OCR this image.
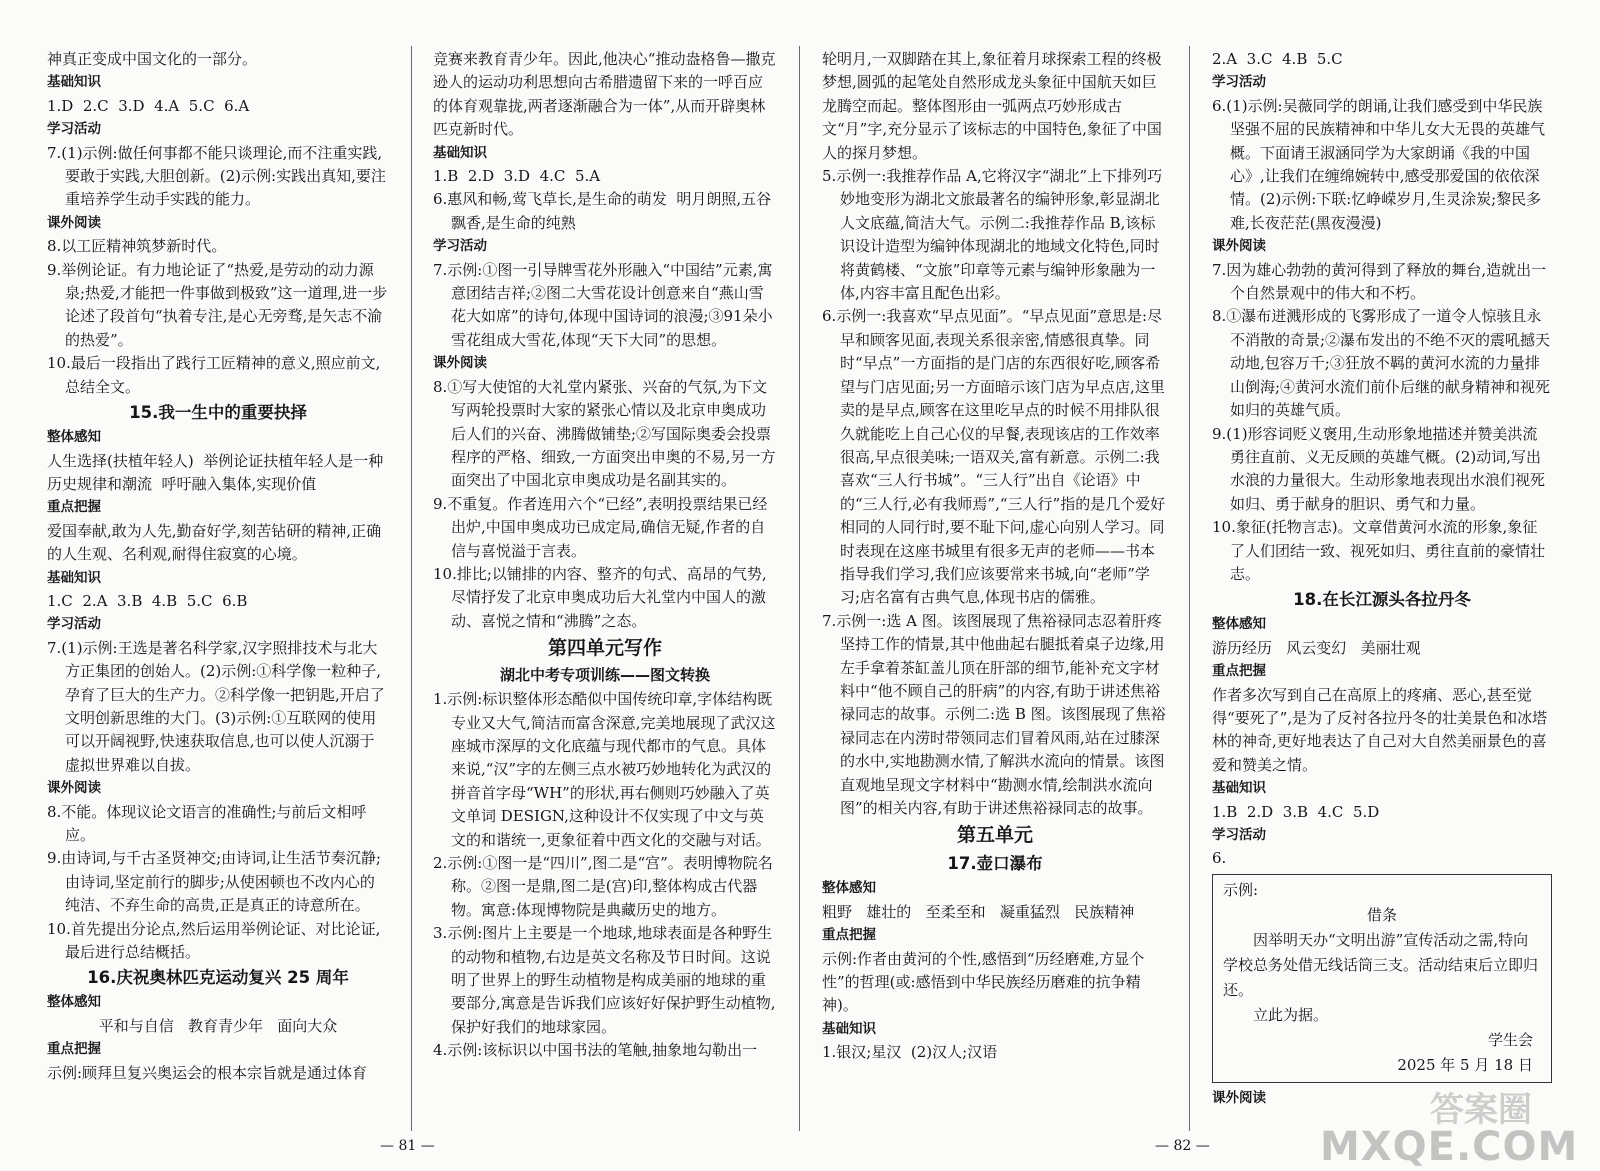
神真正变成中国文化的一部分。
基础知识
1.D  2.C  3.D  4.A  5.C  6.A
学习活动
7.(1)示例:做任何事都不能只谈理论,而不注重实践,要敢于实践,大胆创新。(2)示例:实践出真知,要注重培养学生动手实践的能力。
课外阅读
8.以工匠精神筑梦新时代。
9.举例论证。有力地论证了“热爱,是劳动的动力源泉;热爱,才能把一件事做到极致”这一道理,进一步论述了段首句“执着专注,是心无旁骛,是矢志不渝的热爱”。
10.最后一段指出了践行工匠精神的意义,照应前文,总结全文。
15.我一生中的重要抉择
整体感知
人生选择(扶植年轻人)  举例论证扶植年轻人是一种历史规律和潮流  呼吁融入集体,实现价值
重点把握
爱国奉献,敢为人先,勤奋好学,刻苦钻研的精神,正确的人生观、名利观,耐得住寂寞的心境。
基础知识
1.C  2.A  3.B  4.B  5.C  6.B
学习活动
7.(1)示例:王选是著名科学家,汉字照排技术与北大方正集团的创始人。(2)示例:①科学像一粒种子,孕育了巨大的生产力。②科学像一把钥匙,开启了文明创新思维的大门。(3)示例:①互联网的使用可以开阔视野,快速获取信息,也可以使人沉溺于虚拟世界难以自拔。
课外阅读
8.不能。体现议论文语言的准确性;与前后文相呼应。
9.由诗词,与千古圣贤神交;由诗词,让生活节奏沉静;由诗词,坚定前行的脚步;从使困顿也不改内心的纯洁、不弃生命的高贵,正是真正的诗意所在。
10.首先提出分论点,然后运用举例论证、对比论证,最后进行总结概括。
16.庆祝奥林匹克运动复兴 25 周年
整体感知
平和与自信   教育青少年   面向大众
重点把握
示例:顾拜旦复兴奥运会的根本宗旨就是通过体育
竞赛来教育青少年。因此,他决心“推动盎格鲁—撒克逊人的运动功利思想向古希腊遗留下来的一呼百应的体育观靠拢,两者逐渐融合为一体”,从而开辟奥林匹克新时代。
基础知识
1.B  2.D  3.D  4.C  5.A
6.惠风和畅,莺飞草长,是生命的萌发  明月朗照,五谷飘香,是生命的纯熟
学习活动
7.示例:①图一引导牌雪花外形融入“中国结”元素,寓意团结吉祥;②图二大雪花设计创意来自“燕山雪花大如席”的诗句,体现中国诗词的浪漫;③91朵小雪花组成大雪花,体现“天下大同”的思想。
课外阅读
8.①写大使馆的大礼堂内紧张、兴奋的气氛,为下文写两轮投票时大家的紧张心情以及北京申奥成功后人们的兴奋、沸腾做铺垫;②写国际奥委会投票程序的严格、细致,一方面突出申奥的不易,另一方面突出了中国北京申奥成功是名副其实的。
9.不重复。作者连用六个“已经”,表明投票结果已经出炉,中国申奥成功已成定局,确信无疑,作者的自信与喜悦溢于言表。
10.排比;以铺排的内容、整齐的句式、高昂的气势,尽情抒发了北京申奥成功后大礼堂内中国人的激动、喜悦之情和“沸腾”之态。
第四单元写作
湖北中考专项训练——图文转换
1.示例:标识整体形态酷似中国传统印章,字体结构既专业又大气,简洁而富含深意,完美地展现了武汉这座城市深厚的文化底蕴与现代都市的气息。具体来说,“汉”字的左侧三点水被巧妙地转化为武汉的拼音首字母“WH”的形状,再右侧则巧妙融入了英文单词 DESIGN,这种设计不仅实现了中文与英文的和谐统一,更象征着中西文化的交融与对话。
2.示例:①图一是“四川”,图二是“宫”。表明博物院名称。②图一是鼎,图二是(宫)印,整体构成古代器物。寓意:体现博物院是典藏历史的地方。
3.示例:图片上主要是一个地球,地球表面是各种野生的动物和植物,右边是英文名称及节日时间。这说明了世界上的野生动植物是构成美丽的地球的重要部分,寓意是告诉我们应该好好保护野生动植物,保护好我们的地球家园。
4.示例:该标识以中国书法的笔触,抽象地勾勒出一
轮明月,一双脚踏在其上,象征着月球探索工程的终极梦想,圆弧的起笔处自然形成龙头象征中国航天如巨龙腾空而起。整体图形由一弧两点巧妙形成古文“月”字,充分显示了该标志的中国特色,象征了中国人的探月梦想。
5.示例一:我推荐作品 A,它将汉字“湖北”上下排列巧妙地变形为湖北文旅最著名的编钟形象,彰显湖北人文底蕴,简洁大气。示例二:我推荐作品 B,该标识设计造型为编钟体现湖北的地域文化特色,同时将黄鹤楼、“文旅”印章等元素与编钟形象融为一体,内容丰富且配色出彩。
6.示例一:我喜欢“早点见面”。“早点见面”意思是:尽早和顾客见面,表现关系很亲密,情感很真挚。同时“早点”一方面指的是门店的东西很好吃,顾客希望与门店见面;另一方面暗示该门店为早点店,这里卖的是早点,顾客在这里吃早点的时候不用排队很久就能吃上自己心仪的早餐,表现该店的工作效率很高,早点很美味;一语双关,富有新意。示例二:我喜欢“三人行书城”。“三人行”出自《论语》中的“三人行,必有我师焉”,“三人行”指的是几个爱好相同的人同行时,要不耻下问,虚心向别人学习。同时表现在这座书城里有很多无声的老师——书本指导我们学习,我们应该要常来书城,向“老师”学习;店名富有古典气息,体现书店的儒雅。
7.示例一:选 A 图。该图展现了焦裕禄同志忍着肝疼坚持工作的情景,其中他曲起右腿抵着桌子边缘,用左手拿着茶缸盖儿顶在肝部的细节,能补充文字材料中“他不顾自己的肝病”的内容,有助于讲述焦裕禄同志的故事。示例二:选 B 图。该图展现了焦裕禄同志在内涝时带领同志们冒着风雨,站在过膝深的水中,实地勘测水情,了解洪水流向的情景。该图直观地呈现文字材料中“勘测水情,绘制洪水流向图”的相关内容,有助于讲述焦裕禄同志的故事。
第五单元
17.壶口瀑布
整体感知
粗野   雄壮的   至柔至和   凝重猛烈   民族精神
重点把握
示例:作者由黄河的个性,感悟到“历经磨难,方显个性”的哲理(或:感悟到中华民族经历磨难的抗争精神)。
基础知识
1.银汉;星汉  (2)汉人;汉语
2.A  3.C  4.B  5.C
学习活动
6.(1)示例:吴薇同学的朗诵,让我们感受到中华民族坚强不屈的民族精神和中华儿女大无畏的英雄气概。下面请王淑涵同学为大家朗诵《我的中国心》,让我们在缠绵婉转中,感受那爱国的依依深情。(2)示例:下联:忆峥嵘岁月,生灵涂炭;黎民多难,长夜茫茫(黑夜漫漫)
课外阅读
7.因为雄心勃勃的黄河得到了释放的舞台,造就出一个自然景观中的伟大和不朽。
8.①瀑布迸溅形成的飞雾形成了一道令人惊骇且永不消散的奇景;②瀑布发出的不绝不灭的震吼撼天动地,包容万千;③狂放不羁的黄河水流的力量排山倒海;④黄河水流们前仆后继的献身精神和视死如归的英雄气质。
9.(1)形容词贬义褒用,生动形象地描述并赞美洪流勇往直前、义无反顾的英雄气概。(2)动词,写出水浪的力量很大。生动形象地表现出水浪们视死如归、勇于献身的胆识、勇气和力量。
10.象征(托物言志)。文章借黄河水流的形象,象征了人们团结一致、视死如归、勇往直前的豪情壮志。
18.在长江源头各拉丹冬
整体感知
游历经历   风云变幻   美丽壮观
重点把握
作者多次写到自己在高原上的疼痛、恶心,甚至觉得“要死了”,是为了反衬各拉丹冬的壮美景色和冰塔林的神奇,更好地表达了自己对大自然美丽景色的喜爱和赞美之情。
基础知识
1.B  2.D  3.B  4.C  5.D
学习活动
6.
示例:
借条
因举明天办“文明出游”宣传活动之需,特向学校总务处借无线话筒三支。活动结束后立即归还。
立此为据。
学生会
2025 年 5 月 18 日
课外阅读
— 81 —	— 82 —
答案圈
MXQE.COM
